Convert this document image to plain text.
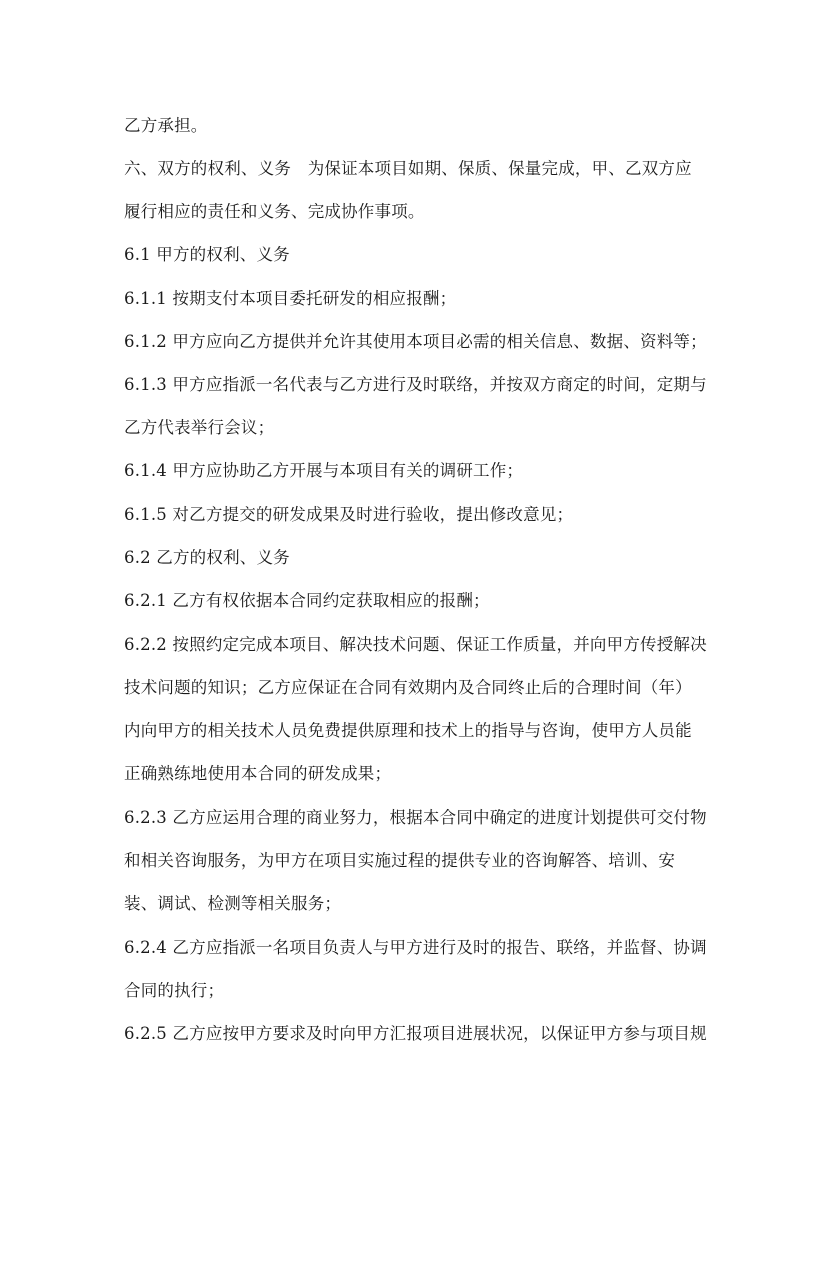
乙方承担。
六、双方的权利、义务　为保证本项目如期、保质、保量完成，甲、乙双方应
履行相应的责任和义务、完成协作事项。
6.1 甲方的权利、义务
6.1.1 按期支付本项目委托研发的相应报酬；
6.1.2 甲方应向乙方提供并允许其使用本项目必需的相关信息、数据、资料等；
6.1.3 甲方应指派一名代表与乙方进行及时联络，并按双方商定的时间，定期与
乙方代表举行会议；
6.1.4 甲方应协助乙方开展与本项目有关的调研工作；
6.1.5 对乙方提交的研发成果及时进行验收，提出修改意见；
6.2 乙方的权利、义务
6.2.1 乙方有权依据本合同约定获取相应的报酬；
6.2.2 按照约定完成本项目、解决技术问题、保证工作质量，并向甲方传授解决
技术问题的知识；乙方应保证在合同有效期内及合同终止后的合理时间（年）
内向甲方的相关技术人员免费提供原理和技术上的指导与咨询，使甲方人员能
正确熟练地使用本合同的研发成果；
6.2.3 乙方应运用合理的商业努力，根据本合同中确定的进度计划提供可交付物
和相关咨询服务，为甲方在项目实施过程的提供专业的咨询解答、培训、安
装、调试、检测等相关服务；
6.2.4 乙方应指派一名项目负责人与甲方进行及时的报告、联络，并监督、协调
合同的执行；
6.2.5 乙方应按甲方要求及时向甲方汇报项目进展状况，以保证甲方参与项目规
